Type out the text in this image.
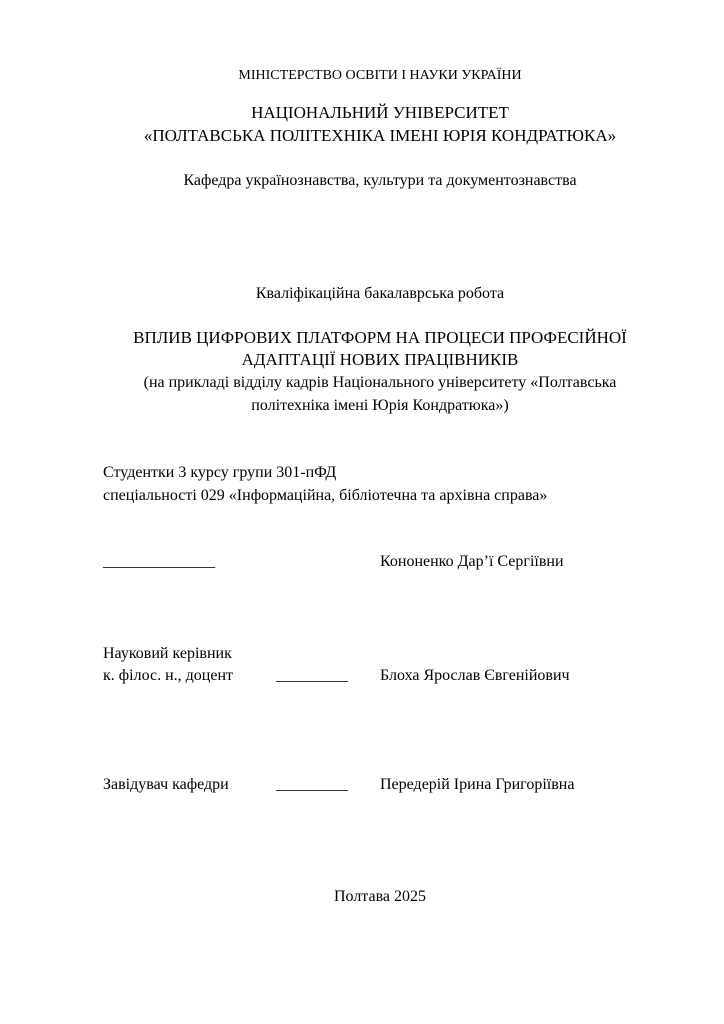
МІНІСТЕРСТВО ОСВІТИ І НАУКИ УКРАЇНИ
НАЦІОНАЛЬНИЙ УНІВЕРСИТЕТ
«ПОЛТАВСЬКА ПОЛІТЕХНІКА ІМЕНІ ЮРІЯ КОНДРАТЮКА»
Кафедра українознавства, культури та документознавства
Кваліфікаційна бакалаврська робота
ВПЛИВ ЦИФРОВИХ ПЛАТФОРМ НА ПРОЦЕСИ ПРОФЕСІЙНОЇ
АДАПТАЦІЇ НОВИХ ПРАЦІВНИКІВ
(на прикладі відділу кадрів Національного університету «Полтавська
політехніка імені Юрія Кондратюка»)
Студентки 3 курсу групи 301-пФД
спеціальності 029 «Інформаційна, бібліотечна та архівна справа»
______________	Кононенко Дар’ї Сергіївни
Науковий керівник
к. філос. н., доцент	_________ Блоха Ярослав Євгенійович
Завідувач кафедри	_________ Передерій Ірина Григоріївна
Полтава 2025
